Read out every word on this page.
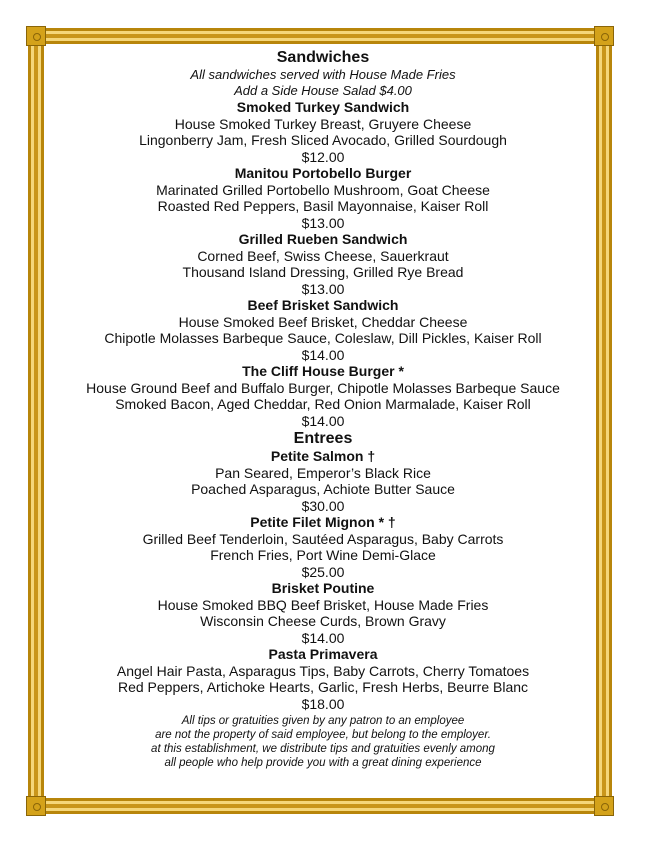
Sandwiches
All sandwiches served with House Made Fries
Add a Side House Salad $4.00
Smoked Turkey Sandwich
House Smoked Turkey Breast, Gruyere Cheese
Lingonberry Jam, Fresh Sliced Avocado, Grilled Sourdough
$12.00
Manitou Portobello Burger
Marinated Grilled Portobello Mushroom, Goat Cheese
Roasted Red Peppers, Basil Mayonnaise, Kaiser Roll
$13.00
Grilled Rueben Sandwich
Corned Beef, Swiss Cheese, Sauerkraut
Thousand Island Dressing, Grilled Rye Bread
$13.00
Beef Brisket Sandwich
House Smoked Beef Brisket, Cheddar Cheese
Chipotle Molasses Barbeque Sauce, Coleslaw, Dill Pickles, Kaiser Roll
$14.00
The Cliff House Burger *
House Ground Beef and Buffalo Burger, Chipotle Molasses Barbeque Sauce
Smoked Bacon, Aged Cheddar, Red Onion Marmalade, Kaiser Roll
$14.00
Entrees
Petite Salmon †
Pan Seared, Emperor’s Black Rice
Poached Asparagus, Achiote Butter Sauce
$30.00
Petite Filet Mignon * †
Grilled Beef Tenderloin, Sautéed Asparagus, Baby Carrots
French Fries, Port Wine Demi-Glace
$25.00
Brisket Poutine
House Smoked BBQ Beef Brisket, House Made Fries
Wisconsin Cheese Curds, Brown Gravy
$14.00
Pasta Primavera
Angel Hair Pasta, Asparagus Tips, Baby Carrots, Cherry Tomatoes
Red Peppers, Artichoke Hearts, Garlic, Fresh Herbs, Beurre Blanc
$18.00
All tips or gratuities given by any patron to an employee
are not the property of said employee, but belong to the employer.
at this establishment, we distribute tips and gratuities evenly among
all people who help provide you with a great dining experience
